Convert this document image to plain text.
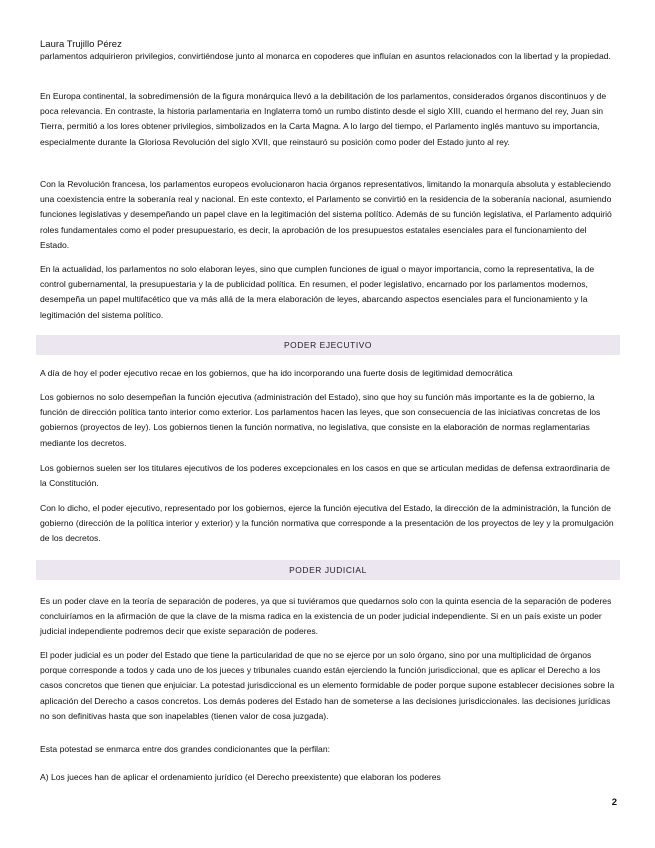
Laura Trujillo Pérez

parlamentos adquirieron privilegios, convirtiéndose junto al monarca en copoderes que influían en asuntos relacionados con la libertad y la propiedad.

En Europa continental, la sobredimensión de la figura monárquica llevó a la debilitación de los parlamentos, considerados órganos discontinuos y de poca relevancia. En contraste, la historia parlamentaria en Inglaterra tomó un rumbo distinto desde el siglo XIII, cuando el hermano del rey, Juan sin Tierra, permitió a los lores obtener privilegios, simbolizados en la Carta Magna. A lo largo del tiempo, el Parlamento inglés mantuvo su importancia, especialmente durante la Gloriosa Revolución del siglo XVII, que reinstauró su posición como poder del Estado junto al rey.

Con la Revolución francesa, los parlamentos europeos evolucionaron hacia órganos representativos, limitando la monarquía absoluta y estableciendo una coexistencia entre la soberanía real y nacional. En este contexto, el Parlamento se convirtió en la residencia de la soberanía nacional, asumiendo funciones legislativas y desempeñando un papel clave en la legitimación del sistema político. Además de su función legislativa, el Parlamento adquirió roles fundamentales como el poder presupuestario, es decir, la aprobación de los presupuestos estatales esenciales para el funcionamiento del Estado.

En la actualidad, los parlamentos no solo elaboran leyes, sino que cumplen funciones de igual o mayor importancia, como la representativa, la de control gubernamental, la presupuestaria y la de publicidad política. En resumen, el poder legislativo, encarnado por los parlamentos modernos, desempeña un papel multifacético que va más allá de la mera elaboración de leyes, abarcando aspectos esenciales para el funcionamiento y la legitimación del sistema político.

PODER EJECUTIVO

A día de hoy el poder ejecutivo recae en los gobiernos, que ha ido incorporando una fuerte dosis de legitimidad democrática

Los gobiernos no solo desempeñan la función ejecutiva (administración del Estado), sino que hoy su función más importante es la de gobierno, la función de dirección política tanto interior como exterior. Los parlamentos hacen las leyes, que son consecuencia de las iniciativas concretas de los gobiernos (proyectos de ley). Los gobiernos tienen la función normativa, no legislativa, que consiste en la elaboración de normas reglamentarias mediante los decretos.

Los gobiernos suelen ser los titulares ejecutivos de los poderes excepcionales en los casos en que se articulan medidas de defensa extraordinaria de la Constitución.

Con lo dicho, el poder ejecutivo, representado por los gobiernos, ejerce la función ejecutiva del Estado, la dirección de la administración, la función de gobierno (dirección de la política interior y exterior) y la función normativa que corresponde a la presentación de los proyectos de ley y la promulgación de los decretos.

PODER JUDICIAL

Es un poder clave en la teoría de separación de poderes, ya que si tuviéramos que quedarnos solo con la quinta esencia de la separación de poderes concluiríamos en la afirmación de que la clave de la misma radica en la existencia de un poder judicial independiente. Si en un país existe un poder judicial independiente podremos decir que existe separación de poderes.

El poder judicial es un poder del Estado que tiene la particularidad de que no se ejerce por un solo órgano, sino por una multiplicidad de órganos porque corresponde a todos y cada uno de los jueces y tribunales cuando están ejerciendo la función jurisdiccional, que es aplicar el Derecho a los casos concretos que tienen que enjuiciar. La potestad jurisdiccional es un elemento formidable de poder porque supone establecer decisiones sobre la aplicación del Derecho a casos concretos. Los demás poderes del Estado han de someterse a las decisiones jurisdiccionales. las decisiones jurídicas no son definitivas hasta que son inapelables (tienen valor de cosa juzgada).

Esta potestad se enmarca entre dos grandes condicionantes que la perfilan:

A) Los jueces han de aplicar el ordenamiento jurídico (el Derecho preexistente) que elaboran los poderes

2
